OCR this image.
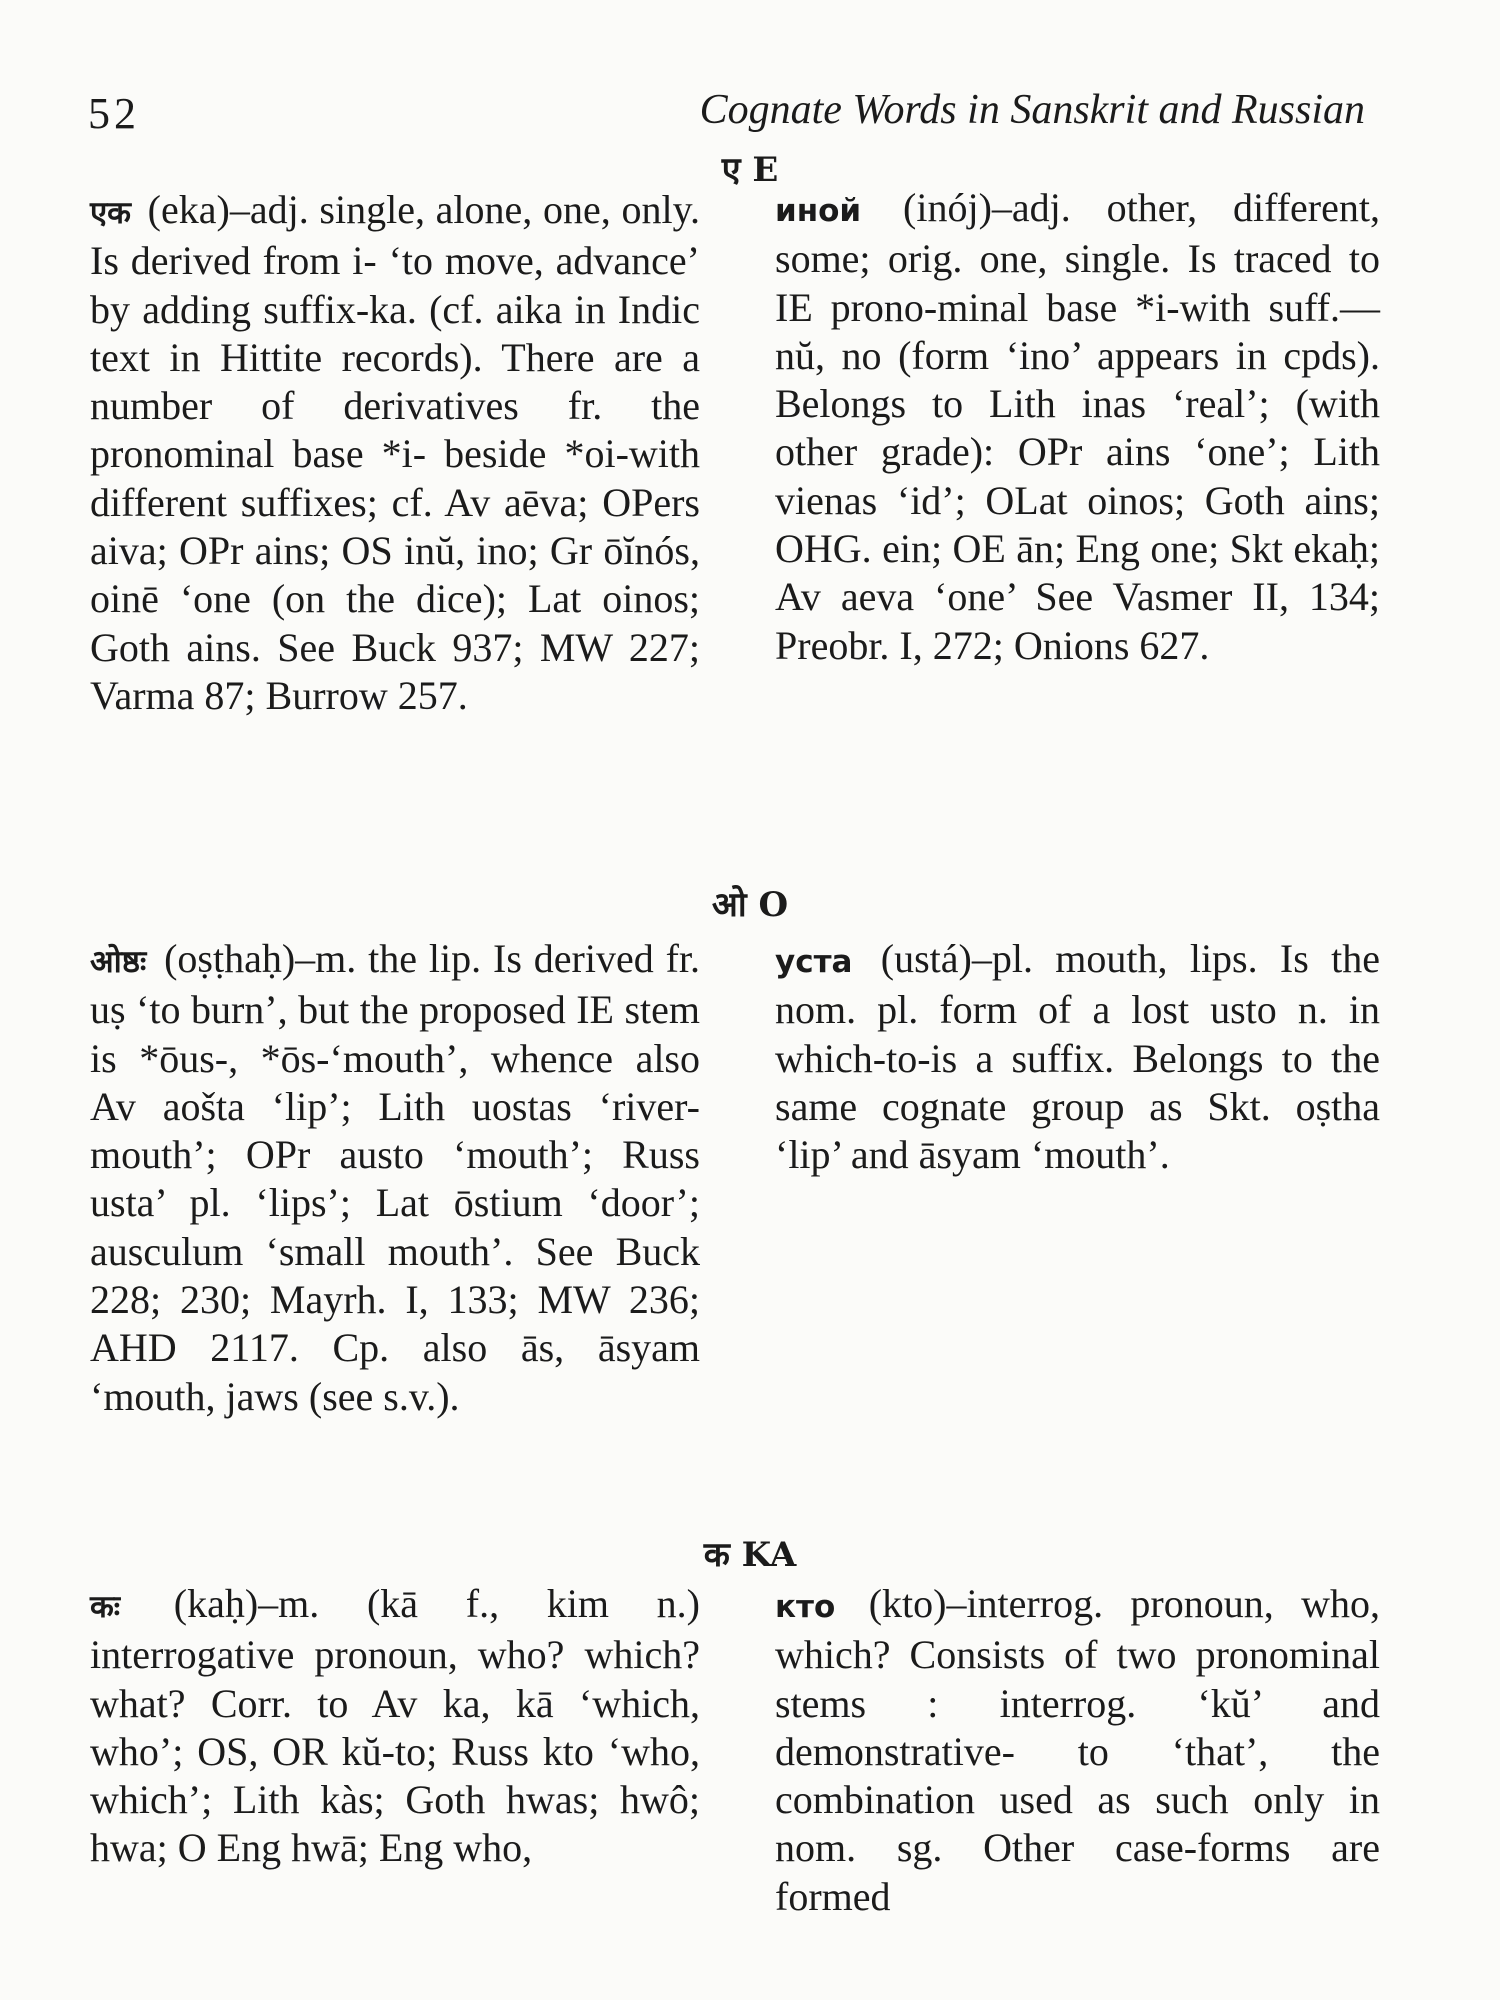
52	Cognate Words in Sanskrit and Russian
ए E
एक (eka)–adj. single, alone, one, only. Is derived from i- ‘to move, advance’ by adding suffix-ka. (cf. aika in Indic text in Hittite records). There are a number of derivatives fr. the pronominal base *i- beside *oi-with different suffixes; cf. Av aēva; OPers aiva; OPr ains; OS inŭ, ino; Gr ōĭnós, oinē ‘one (on the dice); Lat oinos; Goth ains. See Buck 937; MW 227; Varma 87; Burrow 257.
инoй (inój)–adj. other, different, some; orig. one, single. Is traced to IE prono-minal base *i-with suff.—nŭ, no (form ‘ino’ appears in cpds). Belongs to Lith inas ‘real’; (with other grade): OPr ains ‘one’; Lith vienas ‘id’; OLat oinos; Goth ains; OHG. ein; OE ān; Eng one; Skt ekaḥ; Av aeva ‘one’ See Vasmer II, 134; Preobr. I, 272; Onions 627.
ओ O
ओष्ठः (oṣṭhaḥ)–m. the lip. Is derived fr. uṣ ‘to burn’, but the proposed IE stem is *ōus-, *ōs-‘mouth’, whence also Av aošta ‘lip’; Lith uostas ‘river-mouth’; OPr austo ‘mouth’; Russ usta’ pl. ‘lips’; Lat ōstium ‘door’; ausculum ‘small mouth’. See Buck 228; 230; Mayrh. I, 133; MW 236; AHD 2117. Cp. also ās, āsyam ‘mouth, jaws (see s.v.).
уста (ustá)–pl. mouth, lips. Is the nom. pl. form of a lost usto n. in which-to-is a suffix. Belongs to the same cognate group as Skt. oṣtha ‘lip’ and āsyam ‘mouth’.
क KA
कः (kaḥ)–m. (kā f., kim n.) interrogative pronoun, who? which? what? Corr. to Av ka, kā ‘which, who’; OS, OR kŭ-to; Russ kto ‘who, which’; Lith kàs; Goth hwas; hwô; hwa; O Eng hwā; Eng who,
кто (kto)–interrog. pronoun, who, which? Consists of two pronominal stems : interrog. ‘kŭ’ and demonstrative- to ‘that’, the combination used as such only in nom. sg. Other case-forms are formed
